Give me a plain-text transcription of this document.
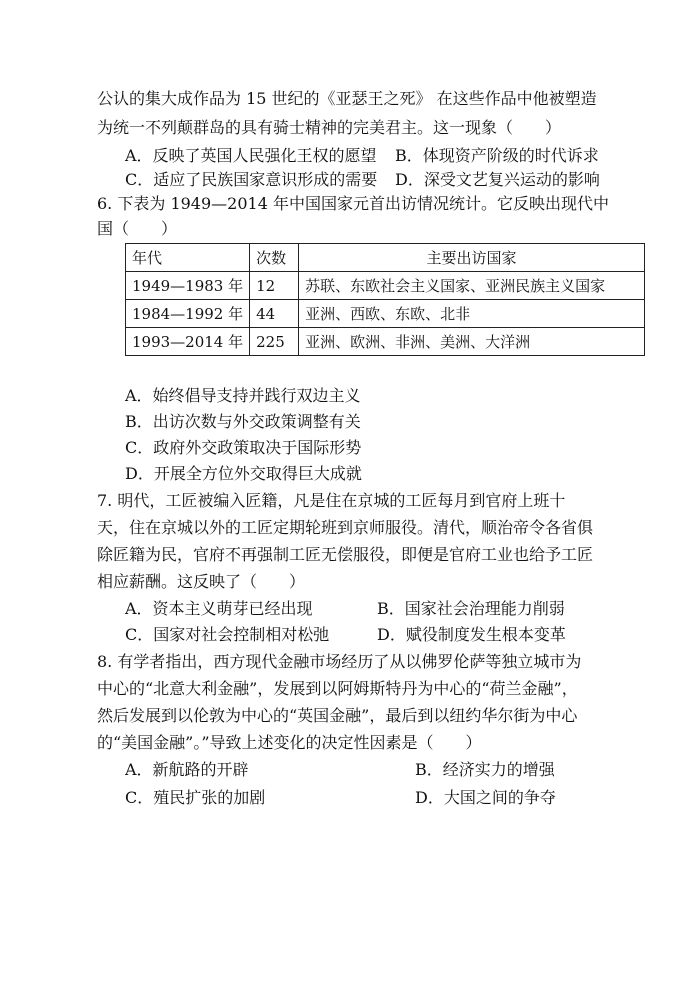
公认的集大成作品为 15 世纪的《亚瑟王之死》 在这些作品中他被塑造
为统一不列颠群岛的具有骑士精神的完美君主。这一现象（　　）
A．反映了英国人民强化王权的愿望 B．体现资产阶级的时代诉求
C．适应了民族国家意识形成的需要 D．深受文艺复兴运动的影响
6. 下表为 1949—2014 年中国国家元首出访情况统计。它反映出现代中
国（　　）
年代	次数	主要出访国家
1949—1983 年	12	苏联、东欧社会主义国家、亚洲民族主义国家
1984—1992 年	44	亚洲、西欧、东欧、北非
1993—2014 年	225	亚洲、欧洲、非洲、美洲、大洋洲
A．始终倡导支持并践行双边主义
B．出访次数与外交政策调整有关
C．政府外交政策取决于国际形势
D．开展全方位外交取得巨大成就
7. 明代，工匠被编入匠籍，凡是住在京城的工匠每月到官府上班十
天，住在京城以外的工匠定期轮班到京师服役。清代，顺治帝令各省俱
除匠籍为民，官府不再强制工匠无偿服役，即便是官府工业也给予工匠
相应薪酬。这反映了（　　）
A．资本主义萌芽已经出现	B．国家社会治理能力削弱
C．国家对社会控制相对松弛	D．赋役制度发生根本变革
8. 有学者指出，西方现代金融市场经历了从以佛罗伦萨等独立城市为
中心的“北意大利金融”，发展到以阿姆斯特丹为中心的“荷兰金融”，
然后发展到以伦敦为中心的“英国金融”，最后到以纽约华尔街为中心
的“美国金融”。”导致上述变化的决定性因素是（　　）
A．新航路的开辟	B．经济实力的增强
C．殖民扩张的加剧	D．大国之间的争夺
